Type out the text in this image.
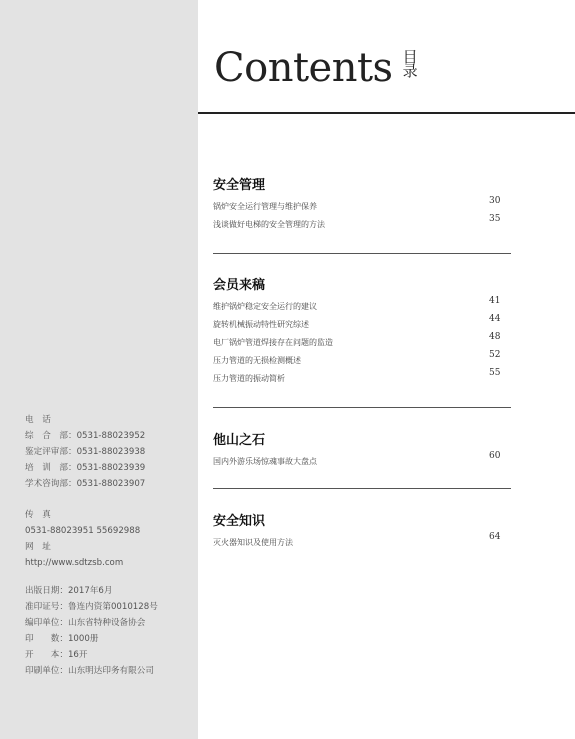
电　话
综　合　部：0531-88023952
鉴定评审部：0531-88023938
培　训　部：0531-88023939
学术咨询部：0531-88023907
传　真
0531-88023951 55692988
网　址
http://www.sdtzsb.com
出版日期：2017年6月
准印证号：鲁连内资第0010128号
编印单位：山东省特种设备协会
印　　数：1000册
开　　本：16开
印刷单位：山东明达印务有限公司
Contents 目录
安全管理
锅炉安全运行管理与维护保养
30
浅谈做好电梯的安全管理的方法
35
会员来稿
维护锅炉稳定安全运行的建议
41
旋转机械振动特性研究综述
44
电厂锅炉管道焊接存在问题的监造
48
压力管道的无损检测概述
52
压力管道的振动简析
55
他山之石
国内外游乐场惊魂事故大盘点
60
安全知识
灭火器知识及使用方法
64
